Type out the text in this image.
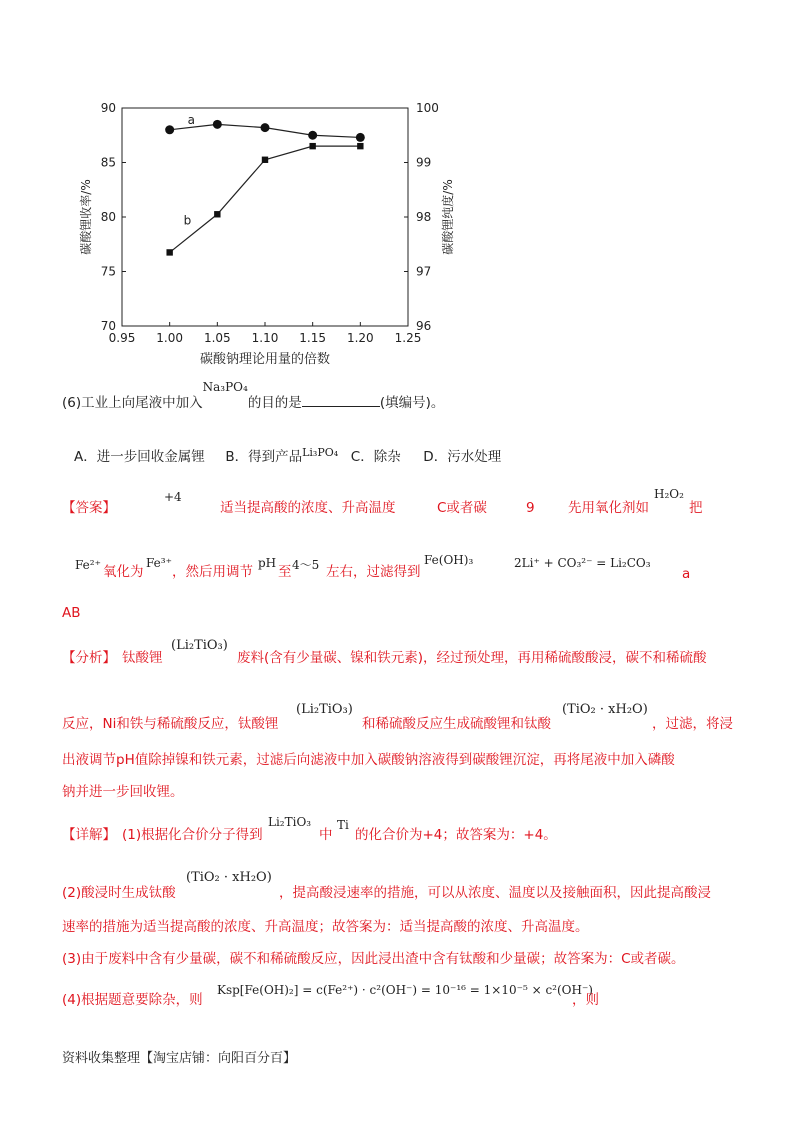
0.95 1.00 1.05 1.10 1.15 1.20 1.25
70
75
80
85
90
96
97
98
99
100
a
b
碳酸钠理论用量的倍数
碳酸锂收率/%	碳酸锂纯度/%
(6)工业上向尾液中加入Na₃PO₄的目的是	(填编号)。
A．进一步回收金属锂 B．得到产品$^{Li_3PO_4}$ C．除杂 D．污水处理
【答案】
+4
适当提高酸的浓度、升高温度	C或者碳	9 先用氧化剂如
H₂O₂
把
Fe²⁺ 氧化为
Fe³⁺
，然后用调节
pH
至 4～5 左右，过滤得到
Fe(OH)₃	2Li⁺ + CO₃²⁻ = Li₂CO₃
a
AB
【分析】 钛酸锂
(Li₂TiO₃)
废料(含有少量碳、镍和铁元素)，经过预处理，再用稀硫酸酸浸，碳不和稀硫酸
反应，Ni和铁与稀硫酸反应，钛酸锂
(Li₂TiO₃)
和稀硫酸反应生成硫酸锂和钛酸
(TiO₂ · xH₂O)
，过滤，将浸
出液调节pH值除掉镍和铁元素，过滤后向滤液中加入碳酸钠溶液得到碳酸锂沉淀，再将尾液中加入磷酸
钠并进一步回收锂。
【详解】 (1)根据化合价分子得到
Li₂TiO₃
中
Ti
的化合价为+4；故答案为：+4。
(2)酸浸时生成钛酸
(TiO₂ · xH₂O)
，提高酸浸速率的措施，可以从浓度、温度以及接触面积，因此提高酸浸
速率的措施为适当提高酸的浓度、升高温度；故答案为：适当提高酸的浓度、升高温度。
(3)由于废料中含有少量碳，碳不和稀硫酸反应，因此浸出渣中含有钛酸和少量碳；故答案为：C或者碳。
(4)根据题意要除杂，则
Ksp[Fe(OH)₂] = c(Fe²⁺) · c²(OH⁻) = 10⁻¹⁶ = 1×10⁻⁵ × c²(OH⁻)
，则
资料收集整理【淘宝店铺：向阳百分百】
